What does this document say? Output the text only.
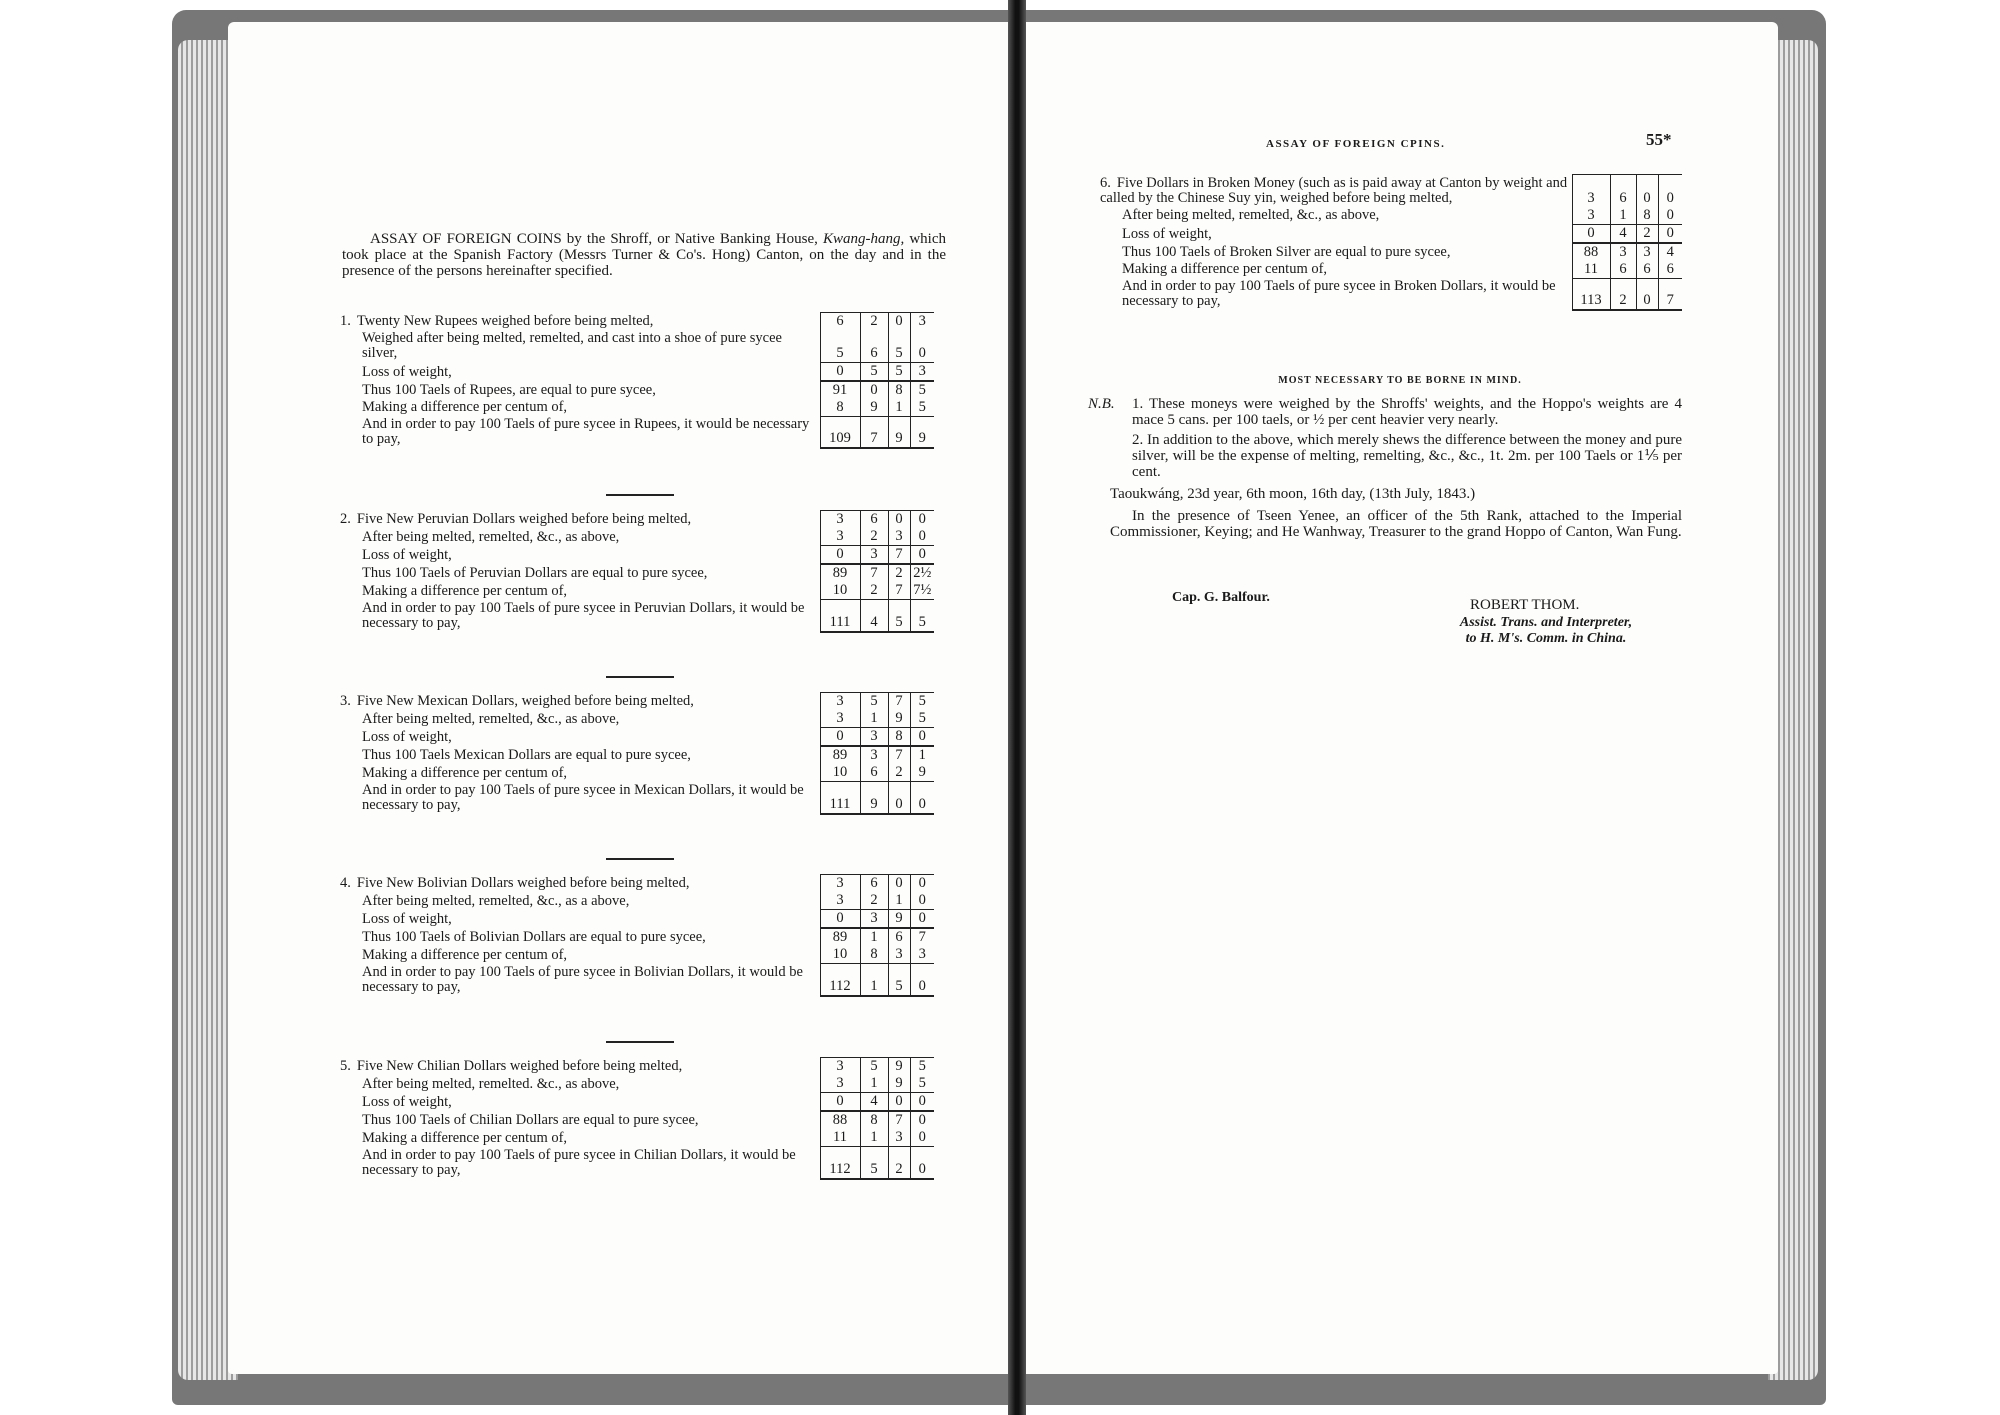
ASSAY OF FOREIGN COINS by the Shroff, or Native Banking House, Kwang-hang, which took place at the Spanish Factory (Messrs Turner & Co's. Hong) Canton, on the day and in the presence of the persons hereinafter specified.

1. Twenty New Rupees weighed before being melted,	6	2	0	3

Weighed after being melted, remelted, and cast into a shoe of pure sycee silver,	5	6	5	0

Loss of weight,	0	5	5	3

Thus 100 Taels of Rupees, are equal to pure sycee,	91	0	8	5

Making a difference per centum of,	8	9	1	5

And in order to pay 100 Taels of pure sycee in Rupees, it would be necessary to pay,	109	7	9	9

2. Five New Peruvian Dollars weighed before being melted,	3	6	0	0

After being melted, remelted, &c., as above,	3	2	3	0

Loss of weight,	0	3	7	0

Thus 100 Taels of Peruvian Dollars are equal to pure sycee,	89	7	2	2½

Making a difference per centum of,	10	2	7	7½

And in order to pay 100 Taels of pure sycee in Peruvian Dollars, it would be necessary to pay,	111	4	5	5

3. Five New Mexican Dollars, weighed before being melted,	3	5	7	5

After being melted, remelted, &c., as above,	3	1	9	5

Loss of weight,	0	3	8	0

Thus 100 Taels Mexican Dollars are equal to pure sycee,	89	3	7	1

Making a difference per centum of,	10	6	2	9

And in order to pay 100 Taels of pure sycee in Mexican Dollars, it would be necessary to pay,	111	9	0	0

4. Five New Bolivian Dollars weighed before being melted,	3	6	0	0

After being melted, remelted, &c., as a above,	3	2	1	0

Loss of weight,	0	3	9	0

Thus 100 Taels of Bolivian Dollars are equal to pure sycee,	89	1	6	7

Making a difference per centum of,	10	8	3	3

And in order to pay 100 Taels of pure sycee in Bolivian Dollars, it would be necessary to pay,	112	1	5	0

5. Five New Chilian Dollars weighed before being melted,	3	5	9	5

After being melted, remelted. &c., as above,	3	1	9	5

Loss of weight,	0	4	0	0

Thus 100 Taels of Chilian Dollars are equal to pure sycee,	88	8	7	0

Making a difference per centum of,	11	1	3	0

And in order to pay 100 Taels of pure sycee in Chilian Dollars, it would be necessary to pay,	112	5	2	0
ASSAY OF FOREIGN CPINS.	55*

6. Five Dollars in Broken Money (such as is paid away at Canton by weight and called by the Chinese Suy yin, weighed before being melted,	3	6	0	0

After being melted, remelted, &c., as above,	3	1	8	0

Loss of weight,	0	4	2	0

Thus 100 Taels of Broken Silver are equal to pure sycee,	88	3	3	4

Making a difference per centum of,	11	6	6	6

And in order to pay 100 Taels of pure sycee in Broken Dollars, it would be necessary to pay,	113	2	0	7
MOST NECESSARY TO BE BORNE IN MIND.
N.B. 1. These moneys were weighed by the Shroffs' weights, and the Hoppo's weights are 4 mace 5 cans. per 100 taels, or ½ per cent heavier very nearly.
2. In addition to the above, which merely shews the difference between the money and pure silver, will be the expense of melting, remelting, &c., &c., 1t. 2m. per 100 Taels or 1⅕ per cent.
Taoukwáng, 23d year, 6th moon, 16th day, (13th July, 1843.)
In the presence of Tseen Yenee, an officer of the 5th Rank, attached to the Imperial Commissioner, Keying; and He Wanhway, Treasurer to the grand Hoppo of Canton, Wan Fung.
Cap. G. Balfour.	ROBERT THOM.
Assist. Trans. and Interpreter,
to H. M's. Comm. in China.
